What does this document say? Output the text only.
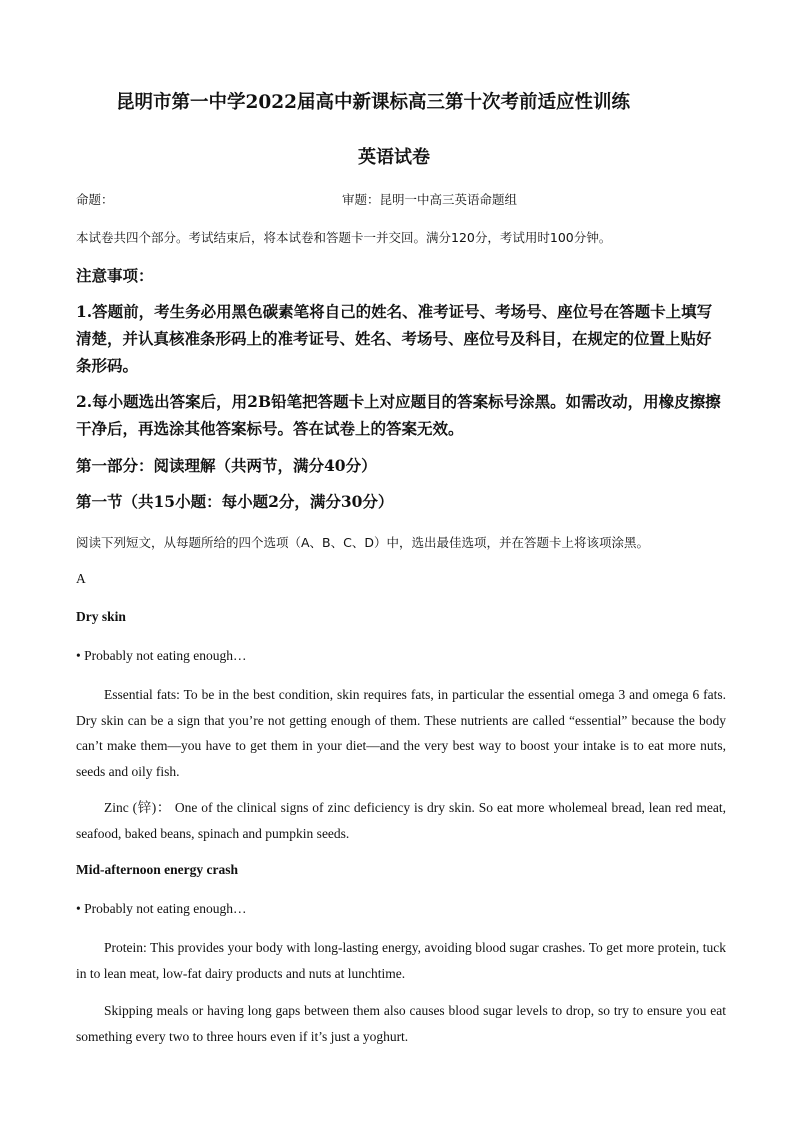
昆明市第一中学2022届高中新课标高三第十次考前适应性训练
英语试卷
命题：	审题：昆明一中高三英语命题组
本试卷共四个部分。考试结束后，将本试卷和答题卡一并交回。满分120分，考试用时100分钟。
注意事项：
1.答题前，考生务必用黑色碳素笔将自己的姓名、准考证号、考场号、座位号在答题卡上填写清楚，并认真核准条形码上的准考证号、姓名、考场号、座位号及科目，在规定的位置上贴好条形码。
2.每小题选出答案后，用2B铅笔把答题卡上对应题目的答案标号涂黑。如需改动，用橡皮擦擦干净后，再选涂其他答案标号。答在试卷上的答案无效。
第一部分：阅读理解（共两节，满分40分）
第一节（共15小题：每小题2分，满分30分）
阅读下列短文，从每题所给的四个选项（A、B、C、D）中，选出最佳选项，并在答题卡上将该项涂黑。
A
Dry skin
• Probably not eating enough…
Essential fats: To be in the best condition, skin requires fats, in particular the essential omega 3 and omega 6 fats. Dry skin can be a sign that you’re not getting enough of them. These nutrients are called “essential” because the body can’t make them—you have to get them in your diet—and the very best way to boost your intake is to eat more nuts, seeds and oily fish.
Zinc (锌)： One of the clinical signs of zinc deficiency is dry skin. So eat more wholemeal bread, lean red meat, seafood, baked beans, spinach and pumpkin seeds.
Mid-afternoon energy crash
• Probably not eating enough…
Protein: This provides your body with long-lasting energy, avoiding blood sugar crashes. To get more protein, tuck in to lean meat, low-fat dairy products and nuts at lunchtime.
Skipping meals or having long gaps between them also causes blood sugar levels to drop, so try to ensure you eat something every two to three hours even if it’s just a yoghurt.
